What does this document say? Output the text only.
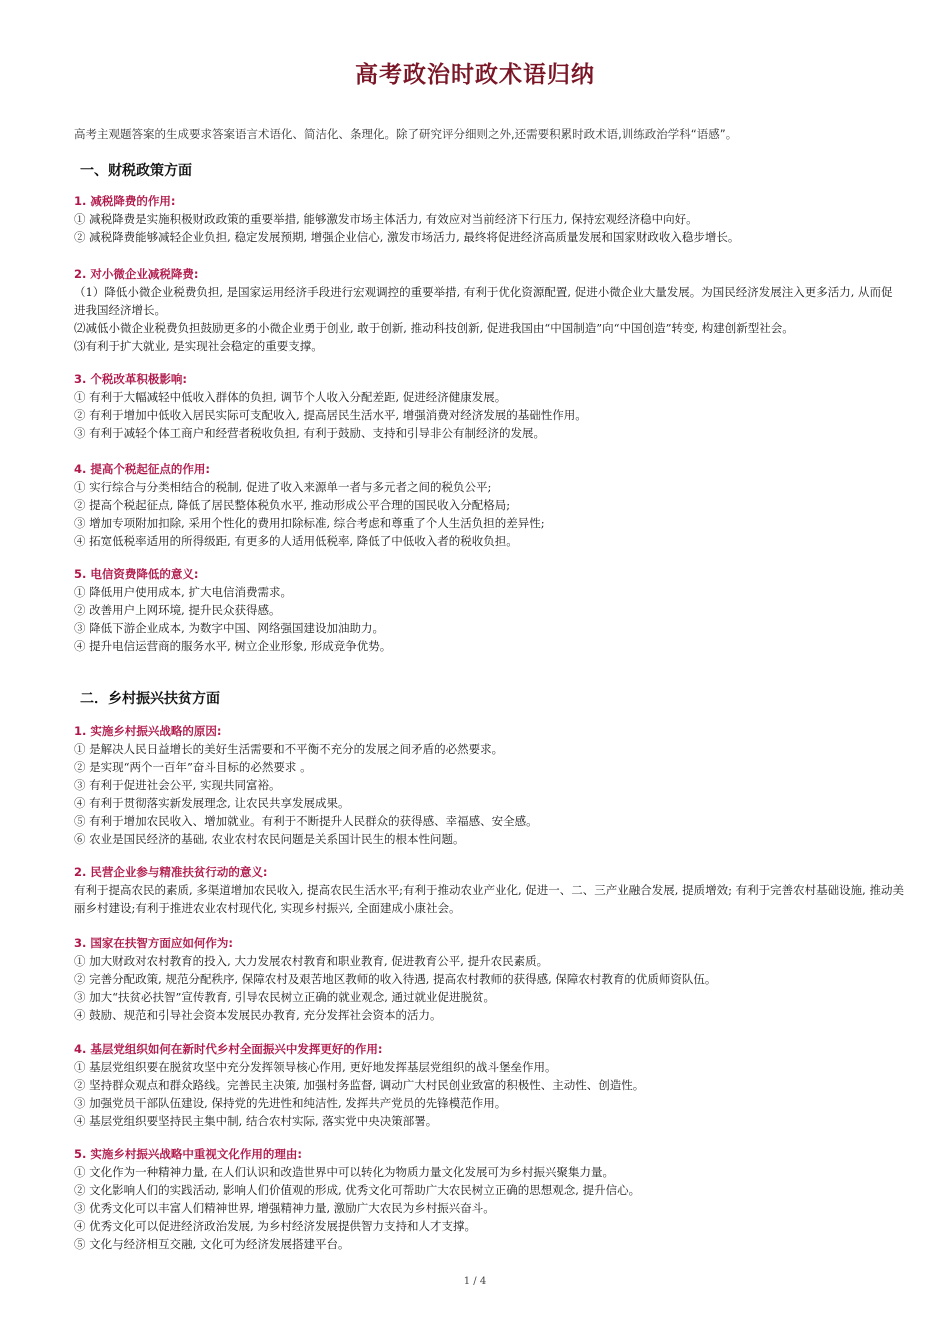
高考政治时政术语归纳
高考主观题答案的生成要求答案语言术语化、简洁化、条理化。除了研究评分细则之外,还需要积累时政术语,训练政治学科“语感”。
一、财税政策方面

1. 减税降费的作用:

① 减税降费是实施积极财政政策的重要举措, 能够激发市场主体活力, 有效应对当前经济下行压力, 保持宏观经济稳中向好。

② 减税降费能够减轻企业负担, 稳定发展预期, 增强企业信心, 激发市场活力, 最终将促进经济高质量发展和国家财政收入稳步增长。

2. 对小微企业减税降费:

（1）降低小微企业税费负担, 是国家运用经济手段进行宏观调控的重要举措, 有利于优化资源配置, 促进小微企业大量发展。为国民经济发展注入更多活力, 从而促进我国经济增长。

⑵减低小微企业税费负担鼓励更多的小微企业勇于创业, 敢于创新, 推动科技创新, 促进我国由“中国制造”向“中国创造”转变, 构建创新型社会。

⑶有利于扩大就业, 是实现社会稳定的重要支撑。

3. 个税改革积极影响:

① 有利于大幅减轻中低收入群体的负担, 调节个人收入分配差距, 促进经济健康发展。

② 有利于增加中低收入居民实际可支配收入, 提高居民生活水平, 增强消费对经济发展的基础性作用。

③ 有利于减轻个体工商户和经营者税收负担, 有利于鼓励、支持和引导非公有制经济的发展。

4. 提高个税起征点的作用:

① 实行综合与分类相结合的税制, 促进了收入来源单一者与多元者之间的税负公平;

② 提高个税起征点, 降低了居民整体税负水平, 推动形成公平合理的国民收入分配格局;

③ 增加专项附加扣除, 采用个性化的费用扣除标准, 综合考虑和尊重了个人生活负担的差异性;

④ 拓宽低税率适用的所得级距, 有更多的人适用低税率, 降低了中低收入者的税收负担。

5. 电信资费降低的意义:

① 降低用户使用成本, 扩大电信消费需求。

② 改善用户上网环境, 提升民众获得感。

③ 降低下游企业成本, 为数字中国、网络强国建设加油助力。

④ 提升电信运营商的服务水平, 树立企业形象, 形成竞争优势。

二．乡村振兴扶贫方面

1. 实施乡村振兴战略的原因:

① 是解决人民日益增长的美好生活需要和不平衡不充分的发展之间矛盾的必然要求。

② 是实现“两个一百年”奋斗目标的必然要求 。

③ 有利于促进社会公平, 实现共同富裕。

④ 有利于贯彻落实新发展理念, 让农民共享发展成果。

⑤ 有利于增加农民收入、增加就业。有利于不断提升人民群众的获得感、幸福感、安全感。

⑥ 农业是国民经济的基础, 农业农村农民问题是关系国计民生的根本性问题。

2. 民营企业参与精准扶贫行动的意义:

有利于提高农民的素质, 多渠道增加农民收入, 提高农民生活水平;有利于推动农业产业化, 促进一、二、三产业融合发展, 提质增效; 有利于完善农村基础设施, 推动美丽乡村建设;有利于推进农业农村现代化, 实现乡村振兴, 全面建成小康社会。

3. 国家在扶智方面应如何作为:

① 加大财政对农村教育的投入, 大力发展农村教育和职业教育, 促进教育公平, 提升农民素质。

② 完善分配政策, 规范分配秩序, 保障农村及艰苦地区教师的收入待遇, 提高农村教师的获得感, 保障农村教育的优质师资队伍。

③ 加大“扶贫必扶智”宣传教育, 引导农民树立正确的就业观念, 通过就业促进脱贫。

④ 鼓励、规范和引导社会资本发展民办教育, 充分发挥社会资本的活力。

4. 基层党组织如何在新时代乡村全面振兴中发挥更好的作用:

① 基层党组织要在脱贫攻坚中充分发挥领导核心作用, 更好地发挥基层党组织的战斗堡垒作用。

② 坚持群众观点和群众路线。完善民主决策, 加强村务监督, 调动广大村民创业致富的积极性、主动性、创造性。

③ 加强党员干部队伍建设, 保持党的先进性和纯洁性, 发挥共产党员的先锋模范作用。

④ 基层党组织要坚持民主集中制, 结合农村实际, 落实党中央决策部署。

5. 实施乡村振兴战略中重视文化作用的理由:

① 文化作为一种精神力量, 在人们认识和改造世界中可以转化为物质力量文化发展可为乡村振兴聚集力量。

② 文化影响人们的实践活动, 影响人们价值观的形成, 优秀文化可帮助广大农民树立正确的思想观念, 提升信心。

③ 优秀文化可以丰富人们精神世界, 增强精神力量, 激励广大农民为乡村振兴奋斗。

④ 优秀文化可以促进经济政治发展, 为乡村经济发展提供智力支持和人才支撑。

⑤ 文化与经济相互交融, 文化可为经济发展搭建平台。

1 / 4
